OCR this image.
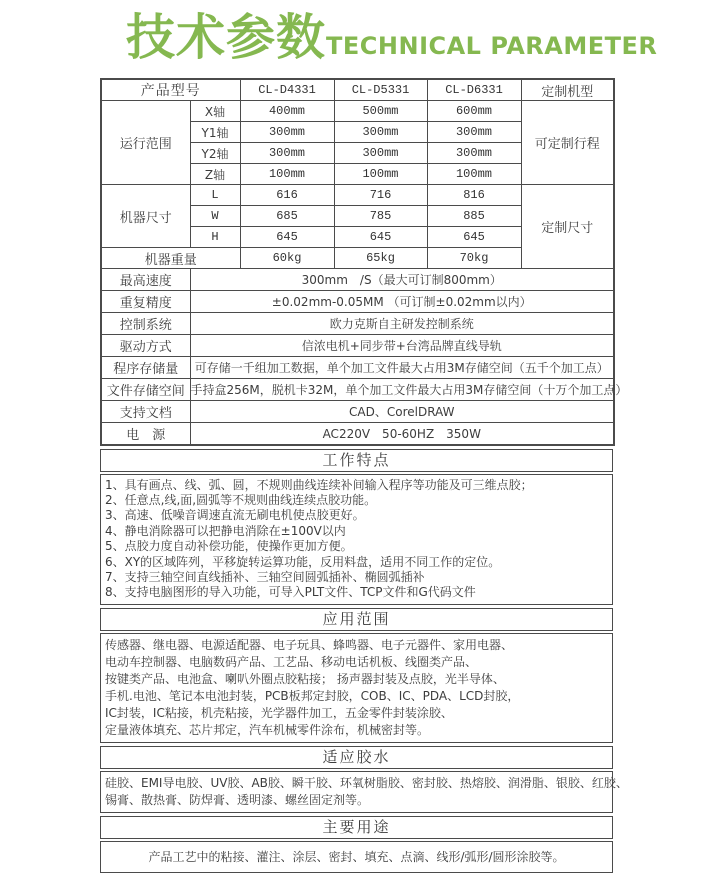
技术参数 TECHNICAL PARAMETER
产品型号		CL-D4331	CL-D5331	CL-D6331	定制机型
运行范围	X轴	400mm	500mm	600mm	可定制行程
	Y1轴	300mm	300mm	300mm	
	Y2轴	300mm	300mm	300mm	
	Z轴	100mm	100mm	100mm	
机器尺寸	L	616	716	816	定制尺寸
	W	685	785	885	
	H	645	645	645	
机器重量		60kg	65kg	70kg	
最高速度	300mm　/S（最大可订制800mm）				
重复精度	±0.02mm-0.05MM （可订制±0.02mm以内）				
控制系统	欧力克斯自主研发控制系统				
驱动方式	信浓电机+同步带+台湾品牌直线导轨				
程序存储量	可存储一千组加工数据，单个加工文件最大占用3M存储空间（五千个加工点）				
文件存储空间	手持盒256M，脱机卡32M，单个加工文件最大占用3M存储空间（十万个加工点）				
支持文档	CAD、CorelDRAW				
电　源	AC220V　50-60HZ　350W				
工作特点
1、具有画点、线、弧、圆，不规则曲线连续补间输入程序等功能及可三维点胶；
2、任意点,线,面,圆弧等不规则曲线连续点胶功能。
3、高速、低噪音调速直流无刷电机使点胶更好。
4、静电消除器可以把静电消除在±100V以内
5、点胶力度自动补偿功能，使操作更加方便。
6、XY的区域阵列，平移旋转运算功能，反用料盘，适用不同工作的定位。
7、支持三轴空间直线插补、三轴空间圆弧插补、椭圆弧插补
8、支持电脑图形的导入功能，可导入PLT文件、TCP文件和G代码文件
应用范围
传感器、继电器、电源适配器、电子玩具、蜂鸣器、电子元器件、家用电器、
电动车控制器、电脑数码产品、工艺品、移动电话机板、线圈类产品、
按键类产品、电池盒、喇叭外圈点胶粘接； 扬声器封装及点胶，光半导体、
手机.电池、笔记本电池封装，PCB板邦定封胶，COB、IC、PDA、LCD封胶，
IC封装，IC粘接，机壳粘接，光学器件加工，五金零件封装涂胶、
定量液体填充、芯片邦定，汽车机械零件涂布，机械密封等。
适应胶水
硅胶、EMI导电胶、UV胶、AB胶、瞬干胶、环氧树脂胶、密封胶、热熔胶、润滑脂、银胶、红胶、
锡膏、散热膏、防焊膏、透明漆、螺丝固定剂等。
主要用途
产品工艺中的粘接、灌注、涂层、密封、填充、点滴、线形/弧形/圆形涂胶等。
